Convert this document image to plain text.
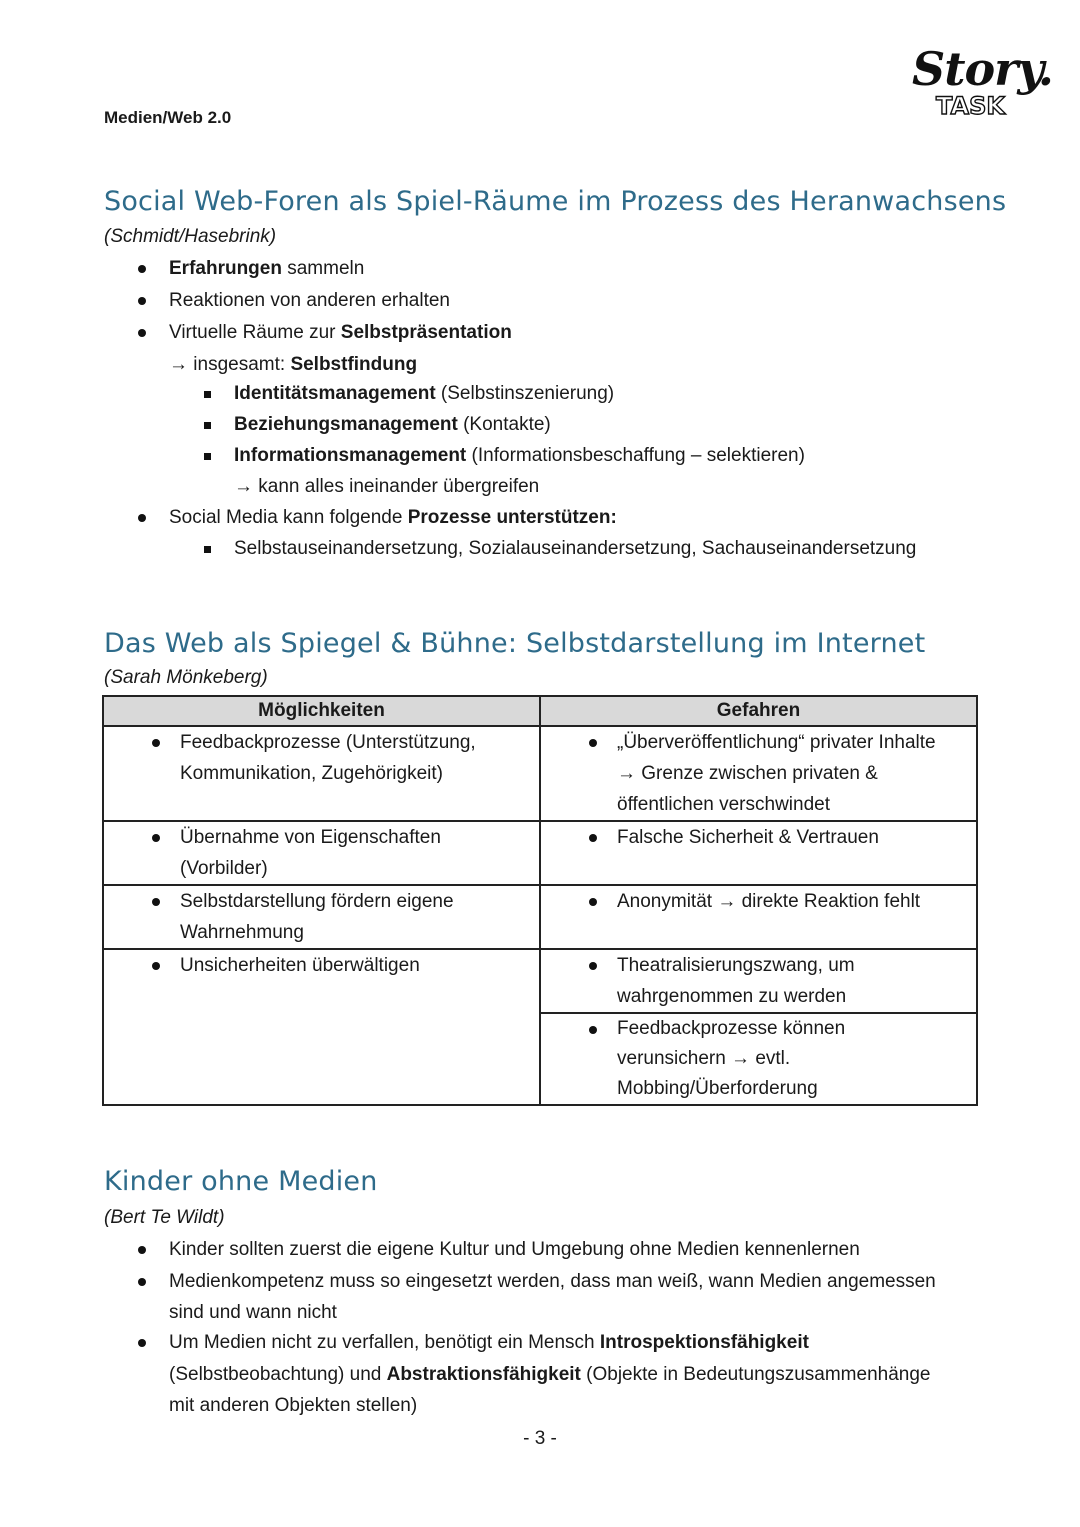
Medien/Web 2.0
Story.
TASK
Social Web-Foren als Spiel-Räume im Prozess des Heranwachsens
(Schmidt/Hasebrink)
Erfahrungen sammeln
Reaktionen von anderen erhalten
Virtuelle Räume zur Selbstpräsentation
→ insgesamt: Selbstfindung
Identitätsmanagement (Selbstinszenierung)
Beziehungsmanagement (Kontakte)
Informationsmanagement (Informationsbeschaffung – selektieren)
→ kann alles ineinander übergreifen
Social Media kann folgende Prozesse unterstützen:
Selbstauseinandersetzung, Sozialauseinandersetzung, Sachauseinandersetzung
Das Web als Spiegel & Bühne: Selbstdarstellung im Internet
(Sarah Mönkeberg)
Möglichkeiten	Gefahren

Feedbackprozesse (Unterstützung,
Kommunikation, Zugehörigkeit)	„Überveröffentlichung“ privater Inhalte
→ Grenze zwischen privaten &
öffentlichen verschwindet

Übernahme von Eigenschaften
(Vorbilder)	Falsche Sicherheit & Vertrauen

Selbstdarstellung fördern eigene
Wahrnehmung	Anonymität → direkte Reaktion fehlt

Unsicherheiten überwältigen	Theatralisierungszwang, um
wahrgenommen zu werden

	Feedbackprozesse können
verunsichern → evtl.
Mobbing/Überforderung
Kinder ohne Medien
(Bert Te Wildt)
Kinder sollten zuerst die eigene Kultur und Umgebung ohne Medien kennenlernen
Medienkompetenz muss so eingesetzt werden, dass man weiß, wann Medien angemessen
sind und wann nicht
Um Medien nicht zu verfallen, benötigt ein Mensch Introspektionsfähigkeit
(Selbstbeobachtung) und Abstraktionsfähigkeit (Objekte in Bedeutungszusammenhänge
mit anderen Objekten stellen)
- 3 -
